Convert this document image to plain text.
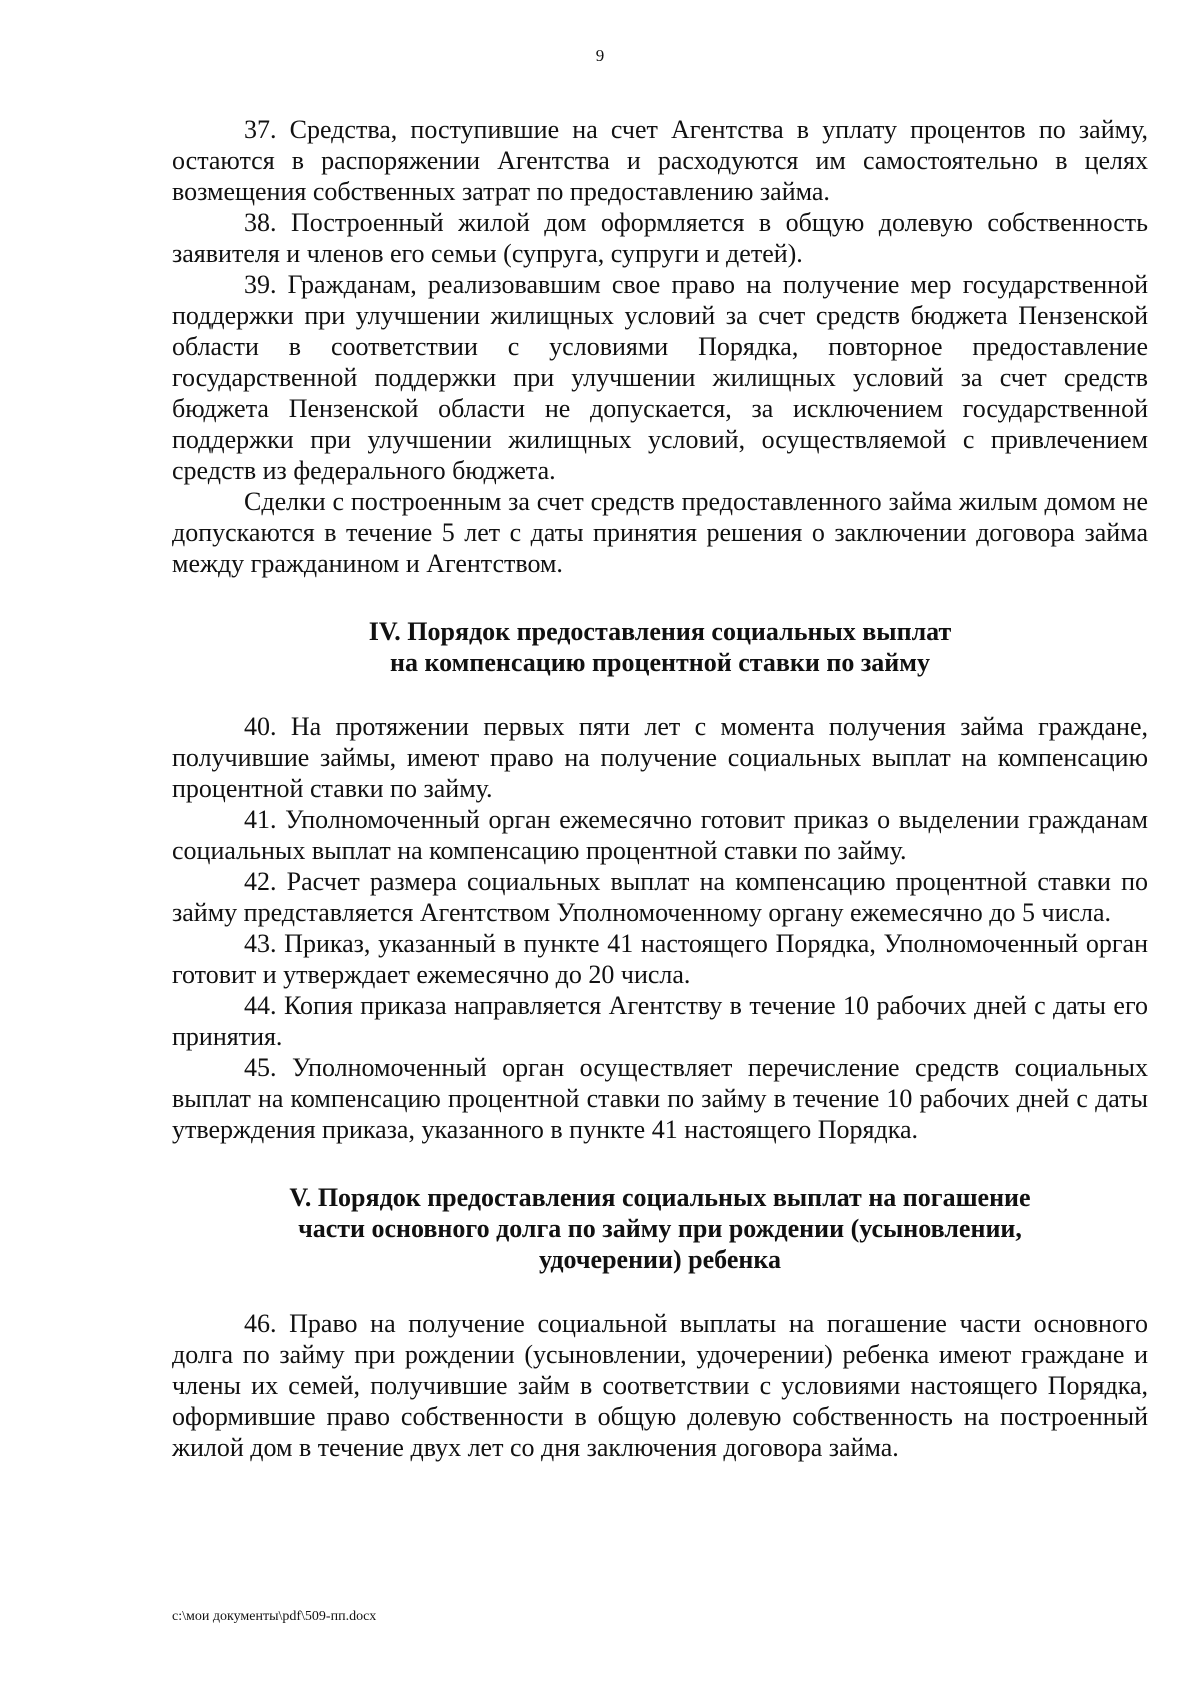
9

37. Средства, поступившие на счет Агентства в уплату процентов по займу, остаются в распоряжении Агентства и расходуются им самостоятельно в целях возмещения собственных затрат по предоставлению займа.

38. Построенный жилой дом оформляется в общую долевую собственность заявителя и членов его семьи (супруга, супруги и детей).

39. Гражданам, реализовавшим свое право на получение мер государственной поддержки при улучшении жилищных условий за счет средств бюджета Пензенской области в соответствии с условиями Порядка, повторное предоставление государственной поддержки при улучшении жилищных условий за счет средств бюджета Пензенской области не допускается, за исключением государственной поддержки при улучшении жилищных условий, осуществляемой с привлечением средств из федерального бюджета.

Сделки с построенным за счет средств предоставленного займа жилым домом не допускаются в течение 5 лет с даты принятия решения о заключении договора займа между гражданином и Агентством.

IV. Порядок предоставления социальных выплат
на компенсацию процентной ставки по займу

40. На протяжении первых пяти лет с момента получения займа граждане, получившие займы, имеют право на получение социальных выплат на компенсацию процентной ставки по займу.

41. Уполномоченный орган ежемесячно готовит приказ о выделении гражданам социальных выплат на компенсацию процентной ставки по займу.

42. Расчет размера социальных выплат на компенсацию процентной ставки по займу представляется Агентством Уполномоченному органу ежемесячно до 5 числа.

43. Приказ, указанный в пункте 41 настоящего Порядка, Уполномоченный орган готовит и утверждает ежемесячно до 20 числа.

44. Копия приказа направляется Агентству в течение 10 рабочих дней с даты его принятия.

45. Уполномоченный орган осуществляет перечисление средств социальных выплат на компенсацию процентной ставки по займу в течение 10 рабочих дней с даты утверждения приказа, указанного в пункте 41 настоящего Порядка.

V. Порядок предоставления социальных выплат на погашение
части основного долга по займу при рождении (усыновлении,
удочерении) ребенка

46. Право на получение социальной выплаты на погашение части основного долга по займу при рождении (усыновлении, удочерении) ребенка имеют граждане и члены их семей, получившие займ в соответствии с условиями настоящего Порядка, оформившие право собственности в общую долевую собственность на построенный жилой дом в течение двух лет со дня заключения договора займа.

c:\мои документы\pdf\509-пп.docx
